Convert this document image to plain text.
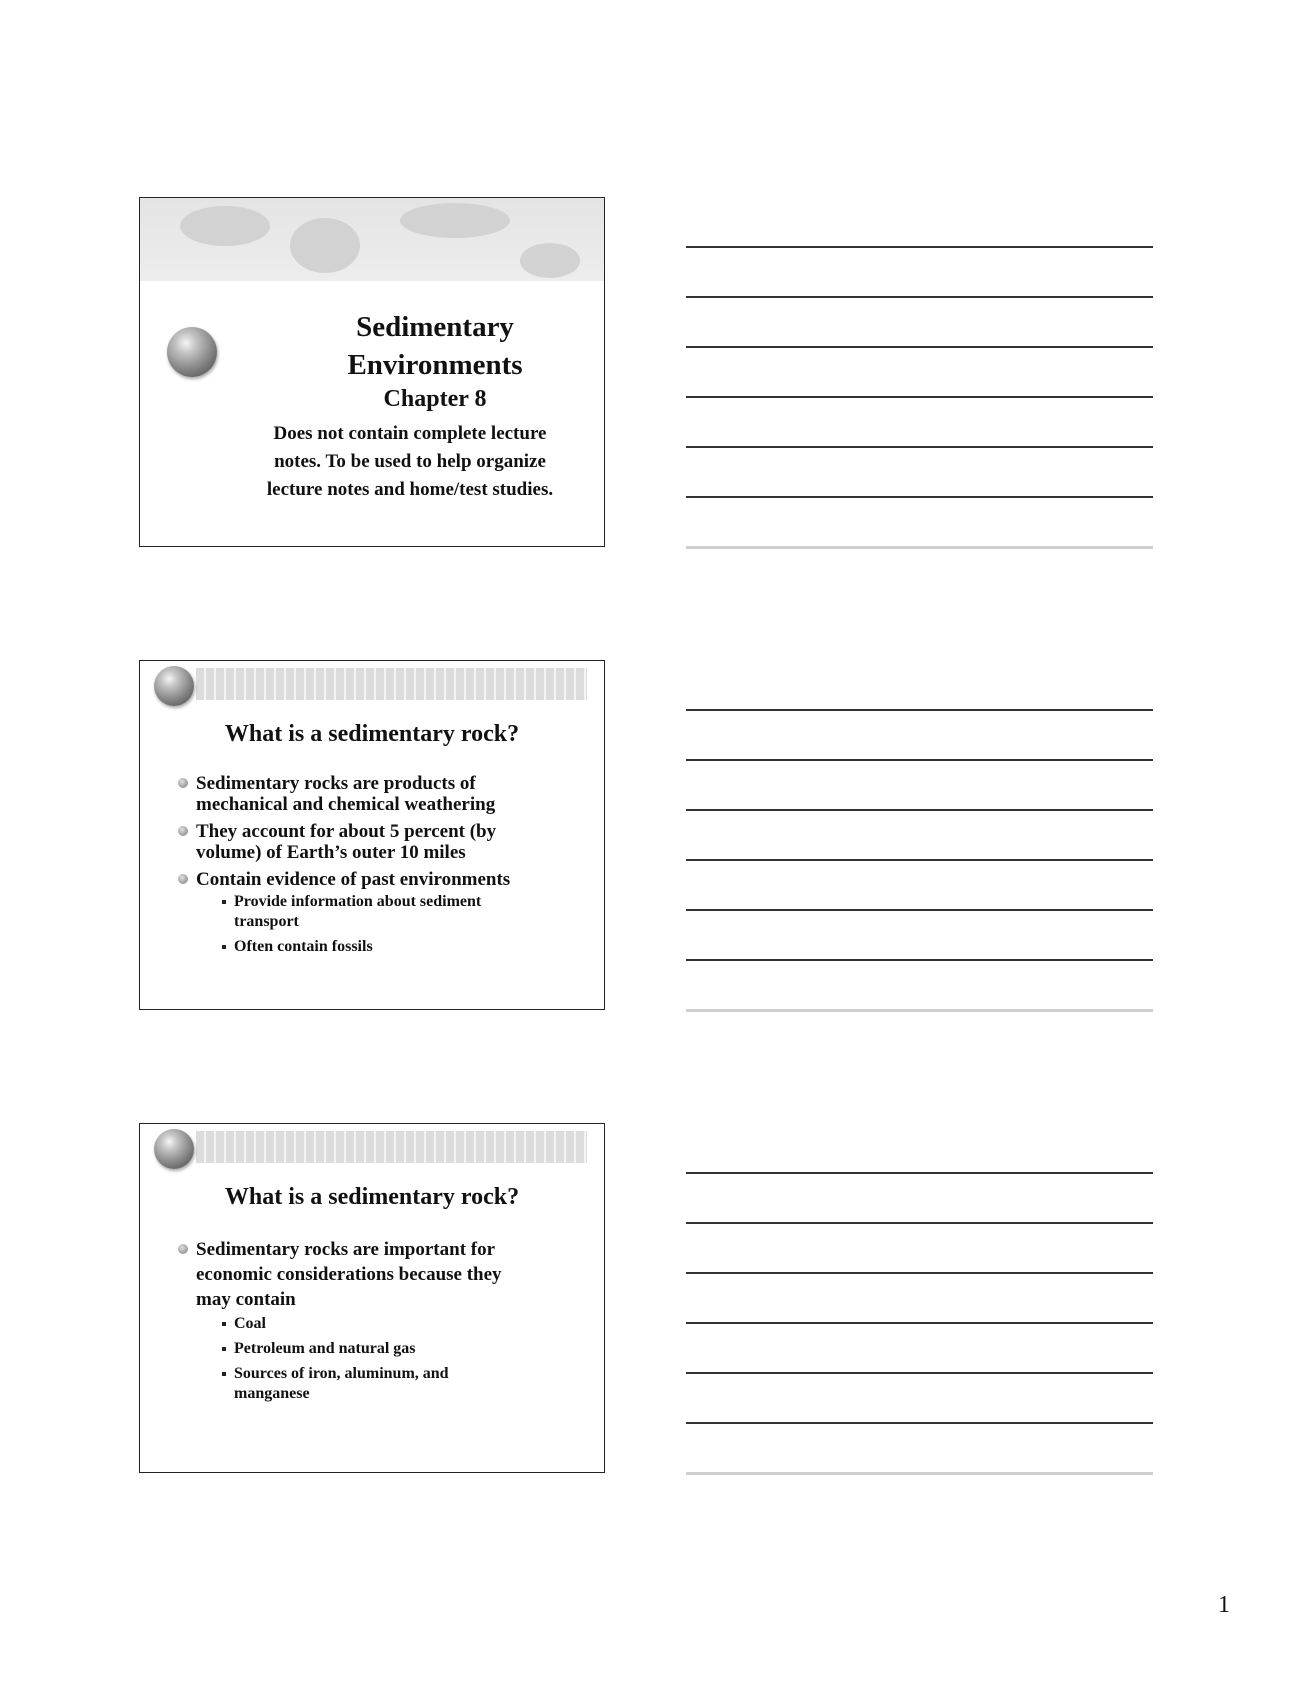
Sedimentary
Environments
Chapter 8
Does not contain complete lecture
notes. To be used to help organize
lecture notes and home/test studies.
What is a sedimentary rock?
Sedimentary rocks are products of
mechanical and chemical weathering
They account for about 5 percent (by
volume) of Earth’s outer 10 miles
Contain evidence of past environments
Provide information about sediment
transport
Often contain fossils
What is a sedimentary rock?
Sedimentary rocks are important for
economic considerations because they
may contain
Coal
Petroleum and natural gas
Sources of iron, aluminum, and
manganese
1
